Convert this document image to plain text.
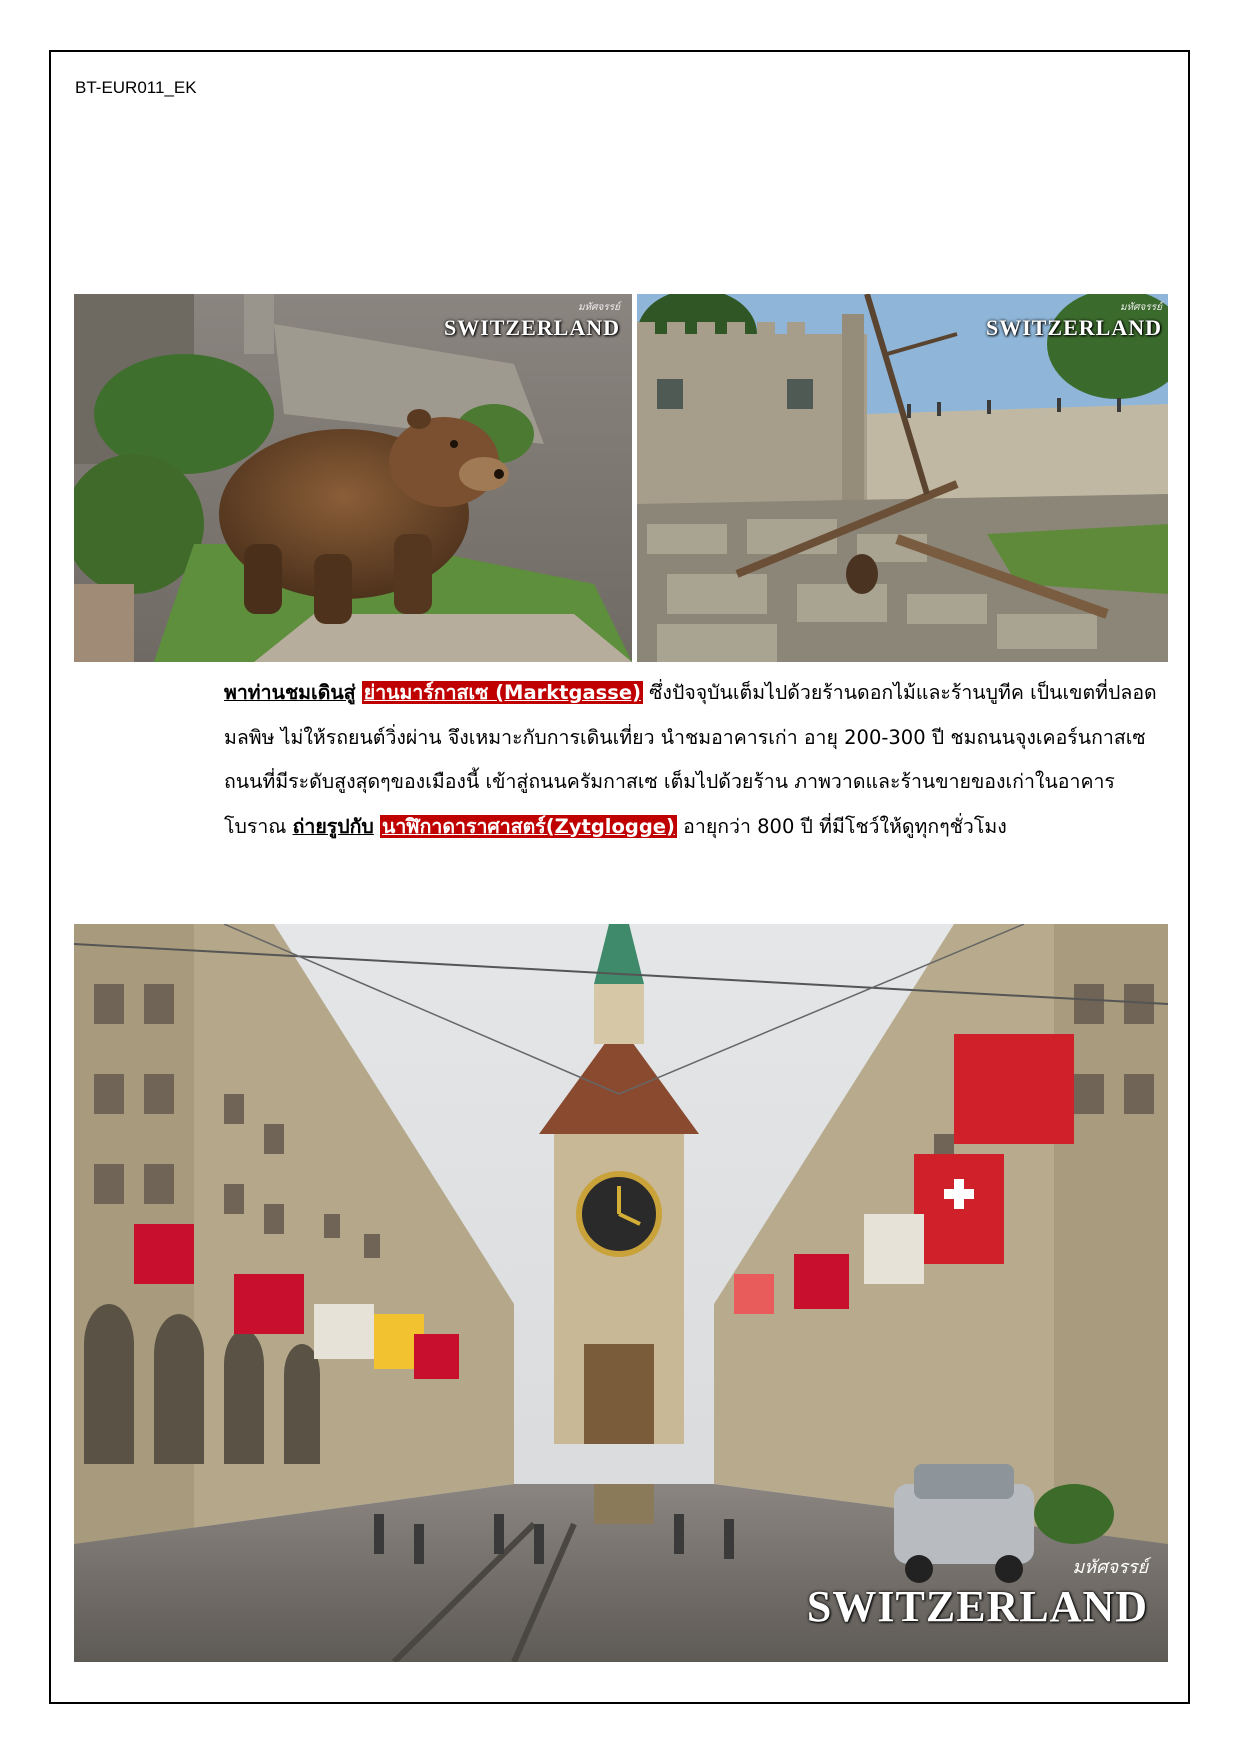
BT-EUR011_EK
มหัศจรรย์
SWITZERLAND
มหัศจรรย์
SWITZERLAND
พาท่านชมเดินสู่ ย่านมาร์กาสเซ (Marktgasse) ซึ่งปัจจุบันเต็มไปด้วยร้านดอกไม้และร้านบูทีค เป็นเขตที่ปลอดมลพิษ ไม่ให้รถยนต์วิ่งผ่าน จึงเหมาะกับการเดินเที่ยว นำชมอาคารเก่า อายุ 200-300 ปี ชมถนนจุงเคอร์นกาสเซ ถนนที่มีระดับสูงสุดๆของเมืองนี้ เข้าสู่ถนนครัมกาสเซ เต็มไปด้วยร้าน ภาพวาดและร้านขายของเก่าในอาคารโบราณ ถ่ายรูปกับ นาฬิกาดาราศาสตร์(Zytglogge) อายุกว่า 800 ปี ที่มีโชว์ให้ดูทุกๆชั่วโมง
มหัศจรรย์
SWITZERLAND
